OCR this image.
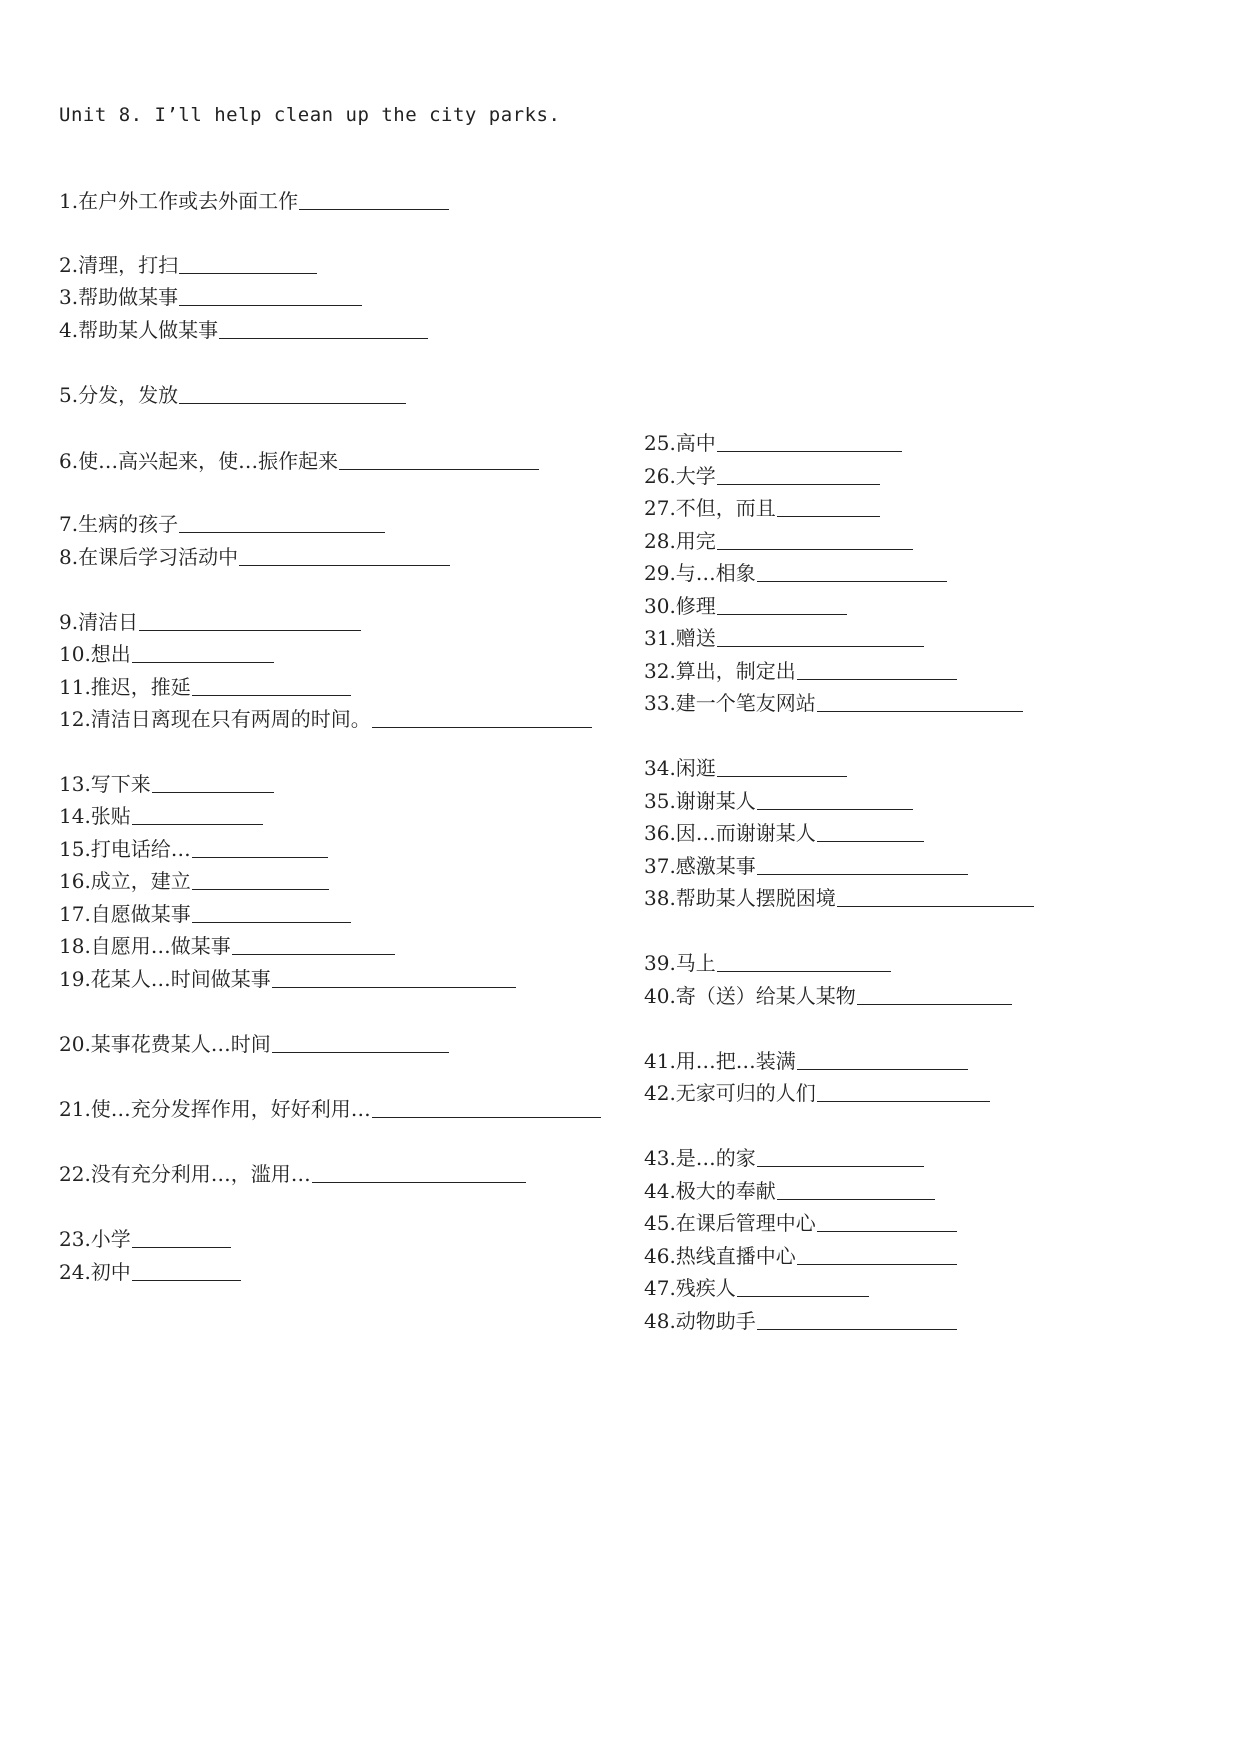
Unit 8. I’ll help clean up the city parks.
1.在户外工作或去外面工作
2.清理，打扫
3.帮助做某事
4.帮助某人做某事
5.分发，发放
6.使…高兴起来，使…振作起来
7.生病的孩子
8.在课后学习活动中
9.清洁日
10.想出
11.推迟，推延
12.清洁日离现在只有两周的时间。
13.写下来
14.张贴
15.打电话给…
16.成立，建立
17.自愿做某事
18.自愿用…做某事
19.花某人…时间做某事
20.某事花费某人…时间
21.使…充分发挥作用，好好利用…
22.没有充分利用…，滥用…
23.小学
24.初中
25.高中
26.大学
27.不但，而且
28.用完
29.与…相象
30.修理
31.赠送
32.算出，制定出
33.建一个笔友网站
34.闲逛
35.谢谢某人
36.因…而谢谢某人
37.感激某事
38.帮助某人摆脱困境
39.马上
40.寄（送）给某人某物
41.用…把…装满
42.无家可归的人们
43.是…的家
44.极大的奉献
45.在课后管理中心
46.热线直播中心
47.残疾人
48.动物助手
